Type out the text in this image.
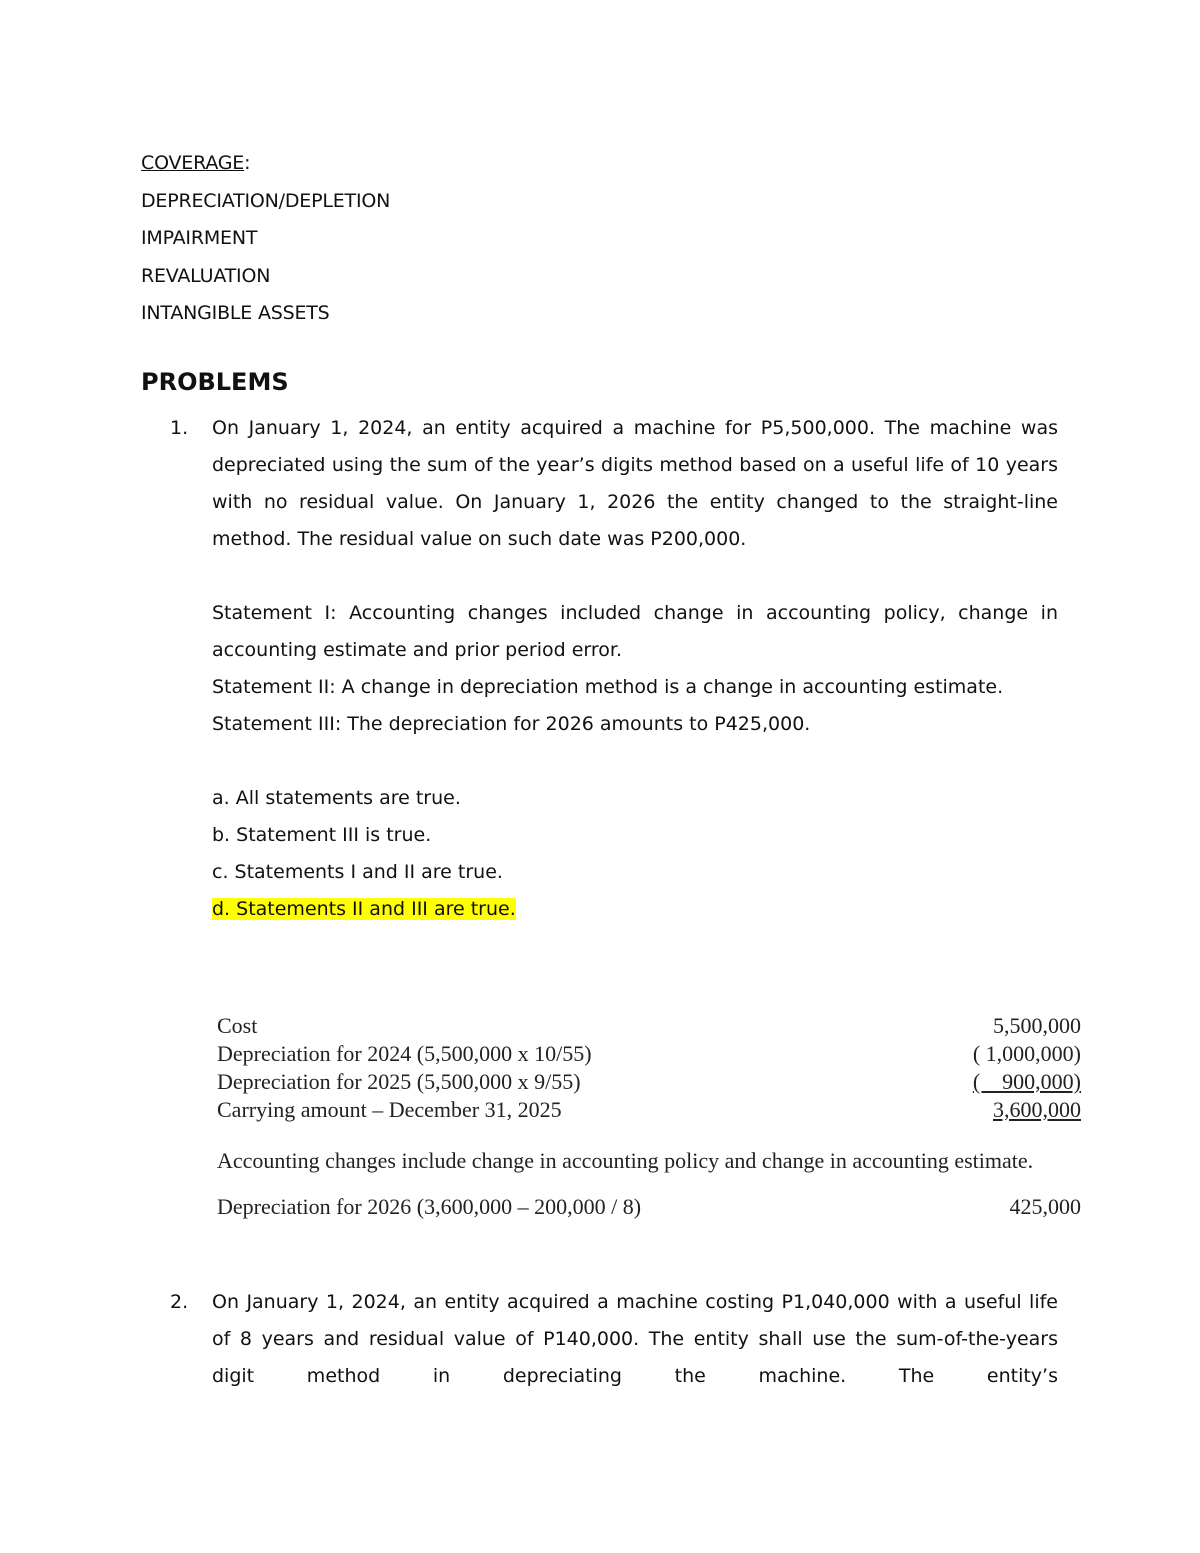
COVERAGE:
DEPRECIATION/DEPLETION
IMPAIRMENT
REVALUATION
INTANGIBLE ASSETS
PROBLEMS
1. On January 1, 2024, an entity acquired a machine for P5,500,000. The machine was depreciated using the sum of the year’s digits method based on a useful life of 10 years with no residual value. On January 1, 2026 the entity changed to the straight-line method. The residual value on such date was P200,000.

Statement I: Accounting changes included change in accounting policy, change in accounting estimate and prior period error.

Statement II: A change in depreciation method is a change in accounting estimate.

Statement III: The depreciation for 2026 amounts to P425,000.

a. All statements are true.

b. Statement III is true.

c. Statements I and II are true.

d. Statements II and III are true.

Cost	5,500,000
Depreciation for 2024 (5,500,000 x 10/55)	( 1,000,000)
Depreciation for 2025 (5,500,000 x 9/55)	(    900,000)
Carrying amount – December 31, 2025	3,600,000
Accounting changes include change in accounting policy and change in accounting estimate.
Depreciation for 2026 (3,600,000 – 200,000 / 8)	425,000
2. On January 1, 2024, an entity acquired a machine costing P1,040,000 with a useful life of 8 years and residual value of P140,000. The entity shall use the sum-of-the-years digit method in depreciating the machine. The entity’s
